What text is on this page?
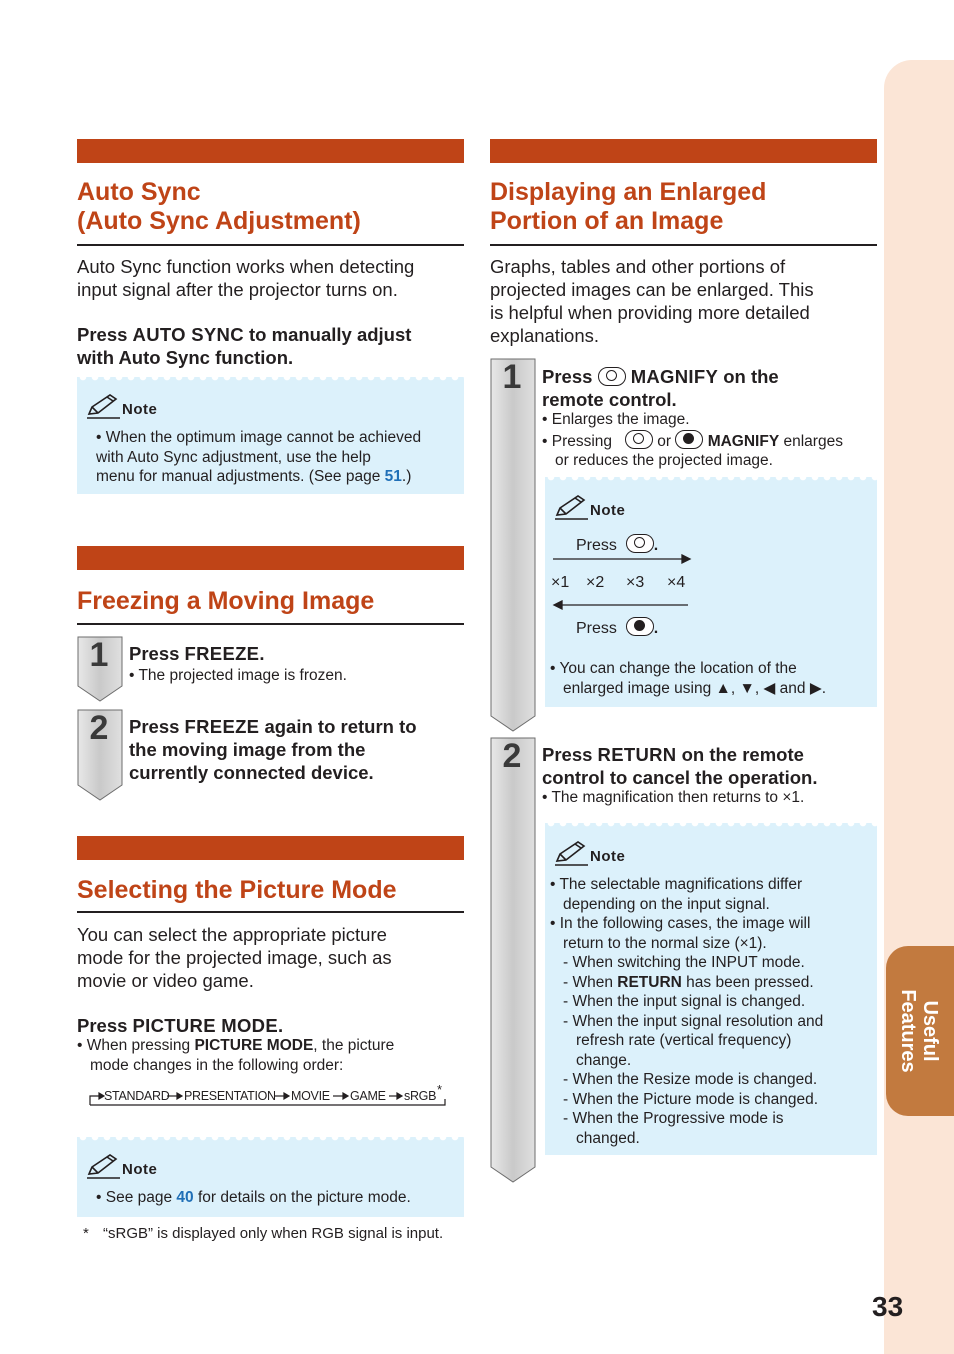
Useful
Features
33
Auto Sync
(Auto Sync Adjustment)
Auto Sync function works when detecting
input signal after the projector turns on.
Press AUTO SYNC to manually adjust
with Auto Sync function.
Note
• When the optimum image cannot be achieved
with Auto Sync adjustment, use the help
menu for manual adjustments. (See page 51.)
Freezing a Moving Image
1	Press FREEZE.
• The projected image is frozen.
2	Press FREEZE again to return to
the moving image from the
currently connected device.
Selecting the Picture Mode
You can select the appropriate picture
mode for the projected image, such as
movie or video game.
Press PICTURE MODE.
• When pressing PICTURE MODE, the picture
mode changes in the following order:
STANDARD PRESENTATION MOVIE GAME sRGB *
Note
• See page 40 for details on the picture mode.
* “sRGB” is displayed only when RGB signal is input.
Displaying an Enlarged
Portion of an Image
Graphs, tables and other portions of
projected images can be enlarged. This
is helpful when providing more detailed
explanations.
1	Press  MAGNIFY on the
remote control.
• Enlarges the image.
• Pressing	or MAGNIFY enlarges
or reduces the projected image.
Note
Press .
×1 ×2 ×3 ×4
Press .
• You can change the location of the
enlarged image using ▲, ▼, ◀ and ▶.
2	Press RETURN on the remote
control to cancel the operation.
• The magnification then returns to ×1.
Note
• The selectable magnifications differ
depending on the input signal.
• In the following cases, the image will
return to the normal size (×1).
- When switching the INPUT mode.
- When RETURN has been pressed.
- When the input signal is changed.
- When the input signal resolution and
refresh rate (vertical frequency)
change.
- When the Resize mode is changed.
- When the Picture mode is changed.
- When the Progressive mode is
changed.
